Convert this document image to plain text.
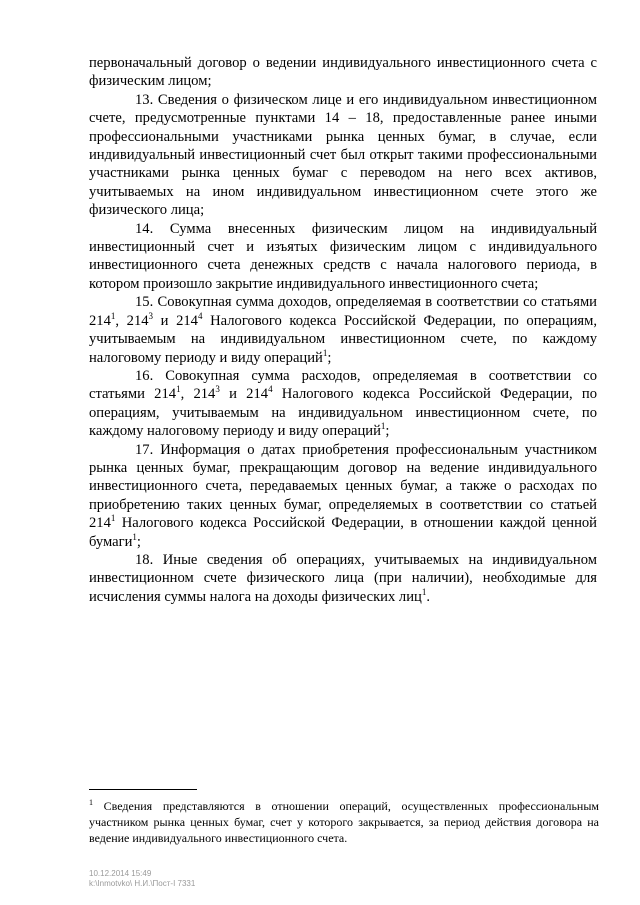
первоначальный договор о ведении индивидуального инвестиционного счета с физическим лицом;

13. Сведения о физическом лице и его индивидуальном инвестиционном счете, предусмотренные пунктами 14 – 18, предоставленные ранее иными профессиональными участниками рынка ценных бумаг, в случае, если индивидуальный инвестиционный счет был открыт такими профессиональными участниками рынка ценных бумаг с переводом на него всех активов, учитываемых на ином индивидуальном инвестиционном счете этого же физического лица;

14. Сумма внесенных физическим лицом на индивидуальный инвестиционный счет и изъятых физическим лицом с индивидуального инвестиционного счета денежных средств с начала налогового периода, в котором произошло закрытие индивидуального инвестиционного счета;

15. Совокупная сумма доходов, определяемая в соответствии со статьями $214^1$, $214^3$ и $214^4$ Налогового кодекса Российской Федерации, по операциям, учитываемым на индивидуальном инвестиционном счете, по каждому налоговому периоду и виду операций$^1$;

16. Совокупная сумма расходов, определяемая в соответствии со статьями $214^1$, $214^3$ и $214^4$ Налогового кодекса Российской Федерации, по операциям, учитываемым на индивидуальном инвестиционном счете, по каждому налоговому периоду и виду операций$^1$;

17. Информация о датах приобретения профессиональным участником рынка ценных бумаг, прекращающим договор на ведение индивидуального инвестиционного счета, передаваемых ценных бумаг, а также о расходах по приобретению таких ценных бумаг, определяемых в соответствии со статьей $214^1$ Налогового кодекса Российской Федерации, в отношении каждой ценной бумаги$^1$;

18. Иные сведения об операциях, учитываемых на индивидуальном инвестиционном счете физического лица (при наличии), необходимые для исчисления суммы налога на доходы физических лиц$^1$.

$^1$ Сведения представляются в отношении операций, осуществленных профессиональным участником рынка ценных бумаг, счет у которого закрывается, за период действия договора на ведение индивидуального инвестиционного счета.

10.12.2014 15:49
k:\Inmotvko\ Н.И.\Пост-І 7331
